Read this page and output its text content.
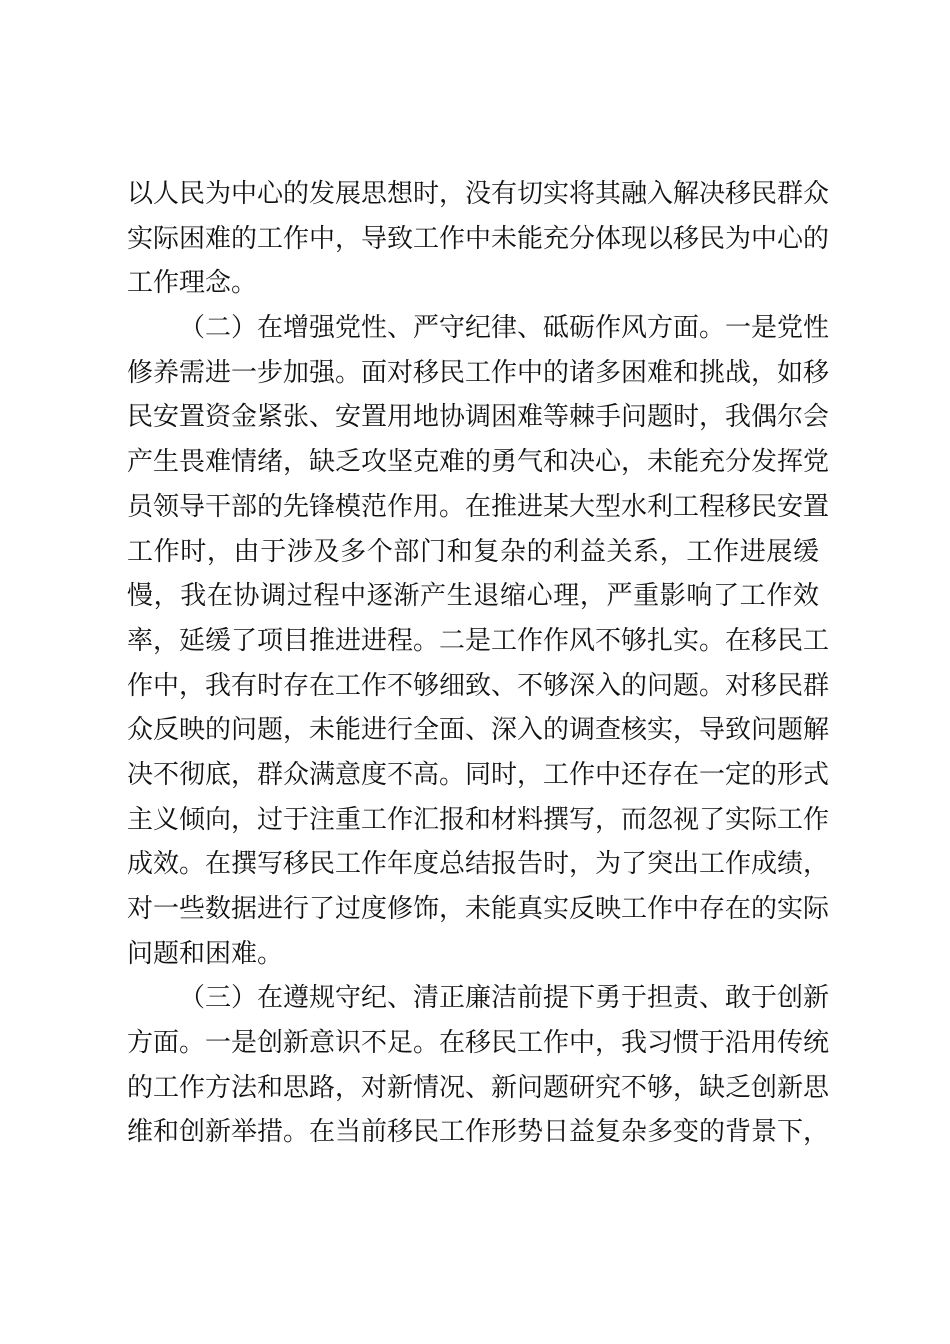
以人民为中心的发展思想时，没有切实将其融入解决移民群众
实际困难的工作中，导致工作中未能充分体现以移民为中心的
工作理念。
（二）在增强党性、严守纪律、砥砺作风方面。一是党性
修养需进一步加强。面对移民工作中的诸多困难和挑战，如移
民安置资金紧张、安置用地协调困难等棘手问题时，我偶尔会
产生畏难情绪，缺乏攻坚克难的勇气和决心，未能充分发挥党
员领导干部的先锋模范作用。在推进某大型水利工程移民安置
工作时，由于涉及多个部门和复杂的利益关系，工作进展缓
慢，我在协调过程中逐渐产生退缩心理，严重影响了工作效
率，延缓了项目推进进程。二是工作作风不够扎实。在移民工
作中，我有时存在工作不够细致、不够深入的问题。对移民群
众反映的问题，未能进行全面、深入的调查核实，导致问题解
决不彻底，群众满意度不高。同时，工作中还存在一定的形式
主义倾向，过于注重工作汇报和材料撰写，而忽视了实际工作
成效。在撰写移民工作年度总结报告时，为了突出工作成绩，
对一些数据进行了过度修饰，未能真实反映工作中存在的实际
问题和困难。
（三）在遵规守纪、清正廉洁前提下勇于担责、敢于创新
方面。一是创新意识不足。在移民工作中，我习惯于沿用传统
的工作方法和思路，对新情况、新问题研究不够，缺乏创新思
维和创新举措。在当前移民工作形势日益复杂多变的背景下，
